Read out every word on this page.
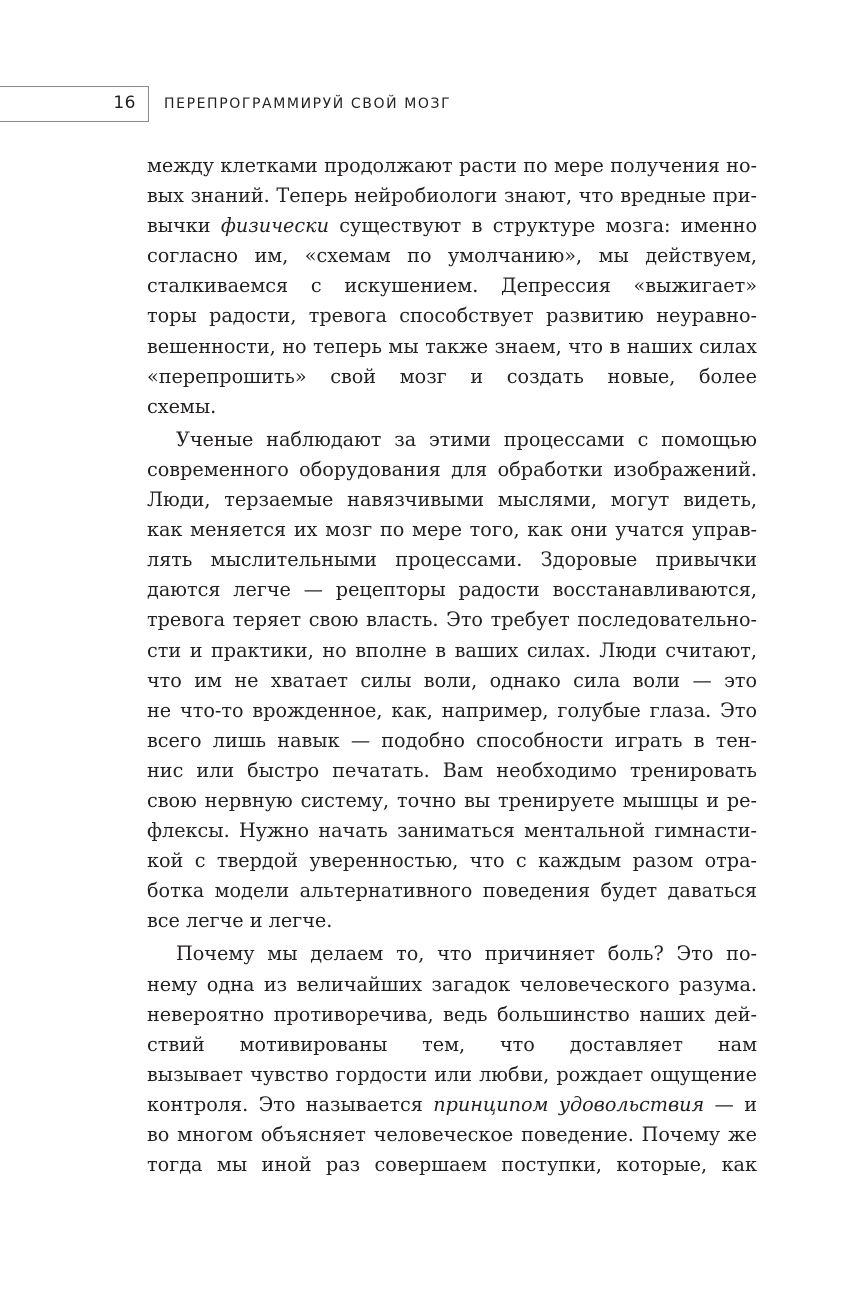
16 ПЕРЕПРОГРАММИРУЙ СВОЙ МОЗГ
между клетками продолжают расти по мере получения но-
вых знаний. Теперь нейробиологи знают, что вредные при-
вычки физически существуют в структуре мозга: именно
согласно им, «схемам по умолчанию», мы действуем,
сталкиваемся с искушением. Депрессия «выжигает»
торы радости, тревога способствует развитию неуравно-
вешенности, но теперь мы также знаем, что в наших силах
«перепрошить» свой мозг и создать новые, более
схемы.
Ученые наблюдают за этими процессами с помощью
современного оборудования для обработки изображений.
Люди, терзаемые навязчивыми мыслями, могут видеть,
как меняется их мозг по мере того, как они учатся управ-
лять мыслительными процессами. Здоровые привычки
даются легче — рецепторы радости восстанавливаются,
тревога теряет свою власть. Это требует последовательно-
сти и практики, но вполне в ваших силах. Люди считают,
что им не хватает силы воли, однако сила воли — это
не что-то врожденное, как, например, голубые глаза. Это
всего лишь навык — подобно способности играть в тен-
нис или быстро печатать. Вам необходимо тренировать
свою нервную систему, точно вы тренируете мышцы и ре-
флексы. Нужно начать заниматься ментальной гимнасти-
кой с твердой уверенностью, что с каждым разом отра-
ботка модели альтернативного поведения будет даваться
все легче и легче.
Почему мы делаем то, что причиняет боль? Это по-
нему одна из величайших загадок человеческого разума.
невероятно противоречива, ведь большинство наших дей-
ствий мотивированы тем, что доставляет нам
вызывает чувство гордости или любви, рождает ощущение
контроля. Это называется принципом удовольствия — и
во многом объясняет человеческое поведение. Почему же
тогда мы иной раз совершаем поступки, которые, как
